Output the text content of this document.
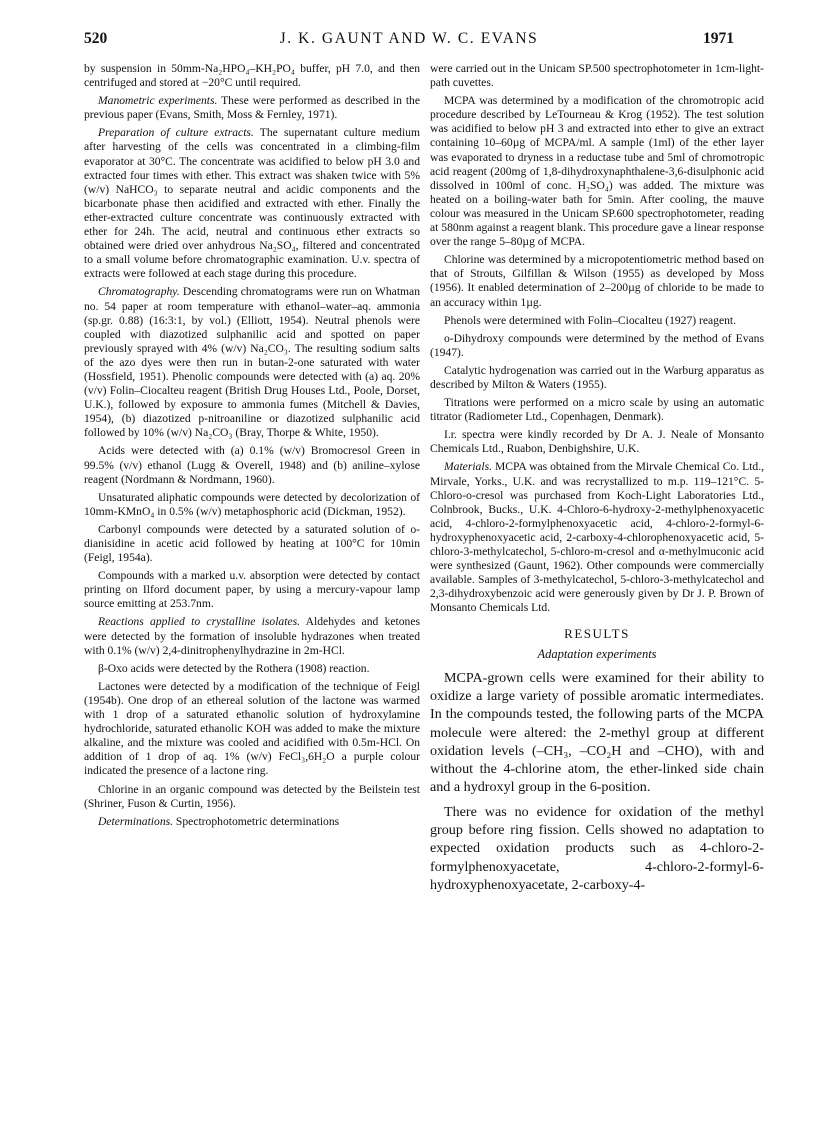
520	J. K. GAUNT AND W. C. EVANS	1971

by suspension in 50mm-Na₂HPO₄–KH₂PO₄ buffer, pH 7.0, and then centrifuged and stored at −20°C until required.

Manometric experiments. These were performed as described in the previous paper (Evans, Smith, Moss & Fernley, 1971).

Preparation of culture extracts. The supernatant culture medium after harvesting of the cells was concentrated in a climbing-film evaporator at 30°C. The concentrate was acidified to below pH 3.0 and extracted four times with ether. This extract was shaken twice with 5% (w/v) NaHCO₃ to separate neutral and acidic components and the bicarbonate phase then acidified and extracted with ether. Finally the ether-extracted culture concentrate was continuously extracted with ether for 24h. The acid, neutral and continuous ether extracts so obtained were dried over anhydrous Na₂SO₄, filtered and concentrated to a small volume before chromatographic examination. U.v. spectra of extracts were followed at each stage during this procedure.

Chromatography. Descending chromatograms were run on Whatman no. 54 paper at room temperature with ethanol–water–aq. ammonia (sp.gr. 0.88) (16:3:1, by vol.) (Elliott, 1954). Neutral phenols were coupled with diazotized sulphanilic acid and spotted on paper previously sprayed with 4% (w/v) Na₂CO₃. The resulting sodium salts of the azo dyes were then run in butan-2-one saturated with water (Hossfield, 1951). Phenolic compounds were detected with (a) aq. 20% (v/v) Folin–Ciocalteu reagent (British Drug Houses Ltd., Poole, Dorset, U.K.), followed by exposure to ammonia fumes (Mitchell & Davies, 1954), (b) diazotized p-nitroaniline or diazotized sulphanilic acid followed by 10% (w/v) Na₂CO₃ (Bray, Thorpe & White, 1950).

Acids were detected with (a) 0.1% (w/v) Bromocresol Green in 99.5% (v/v) ethanol (Lugg & Overell, 1948) and (b) aniline–xylose reagent (Nordmann & Nordmann, 1960).

Unsaturated aliphatic compounds were detected by decolorization of 10mm-KMnO₄ in 0.5% (w/v) metaphosphoric acid (Dickman, 1952).

Carbonyl compounds were detected by a saturated solution of o-dianisidine in acetic acid followed by heating at 100°C for 10min (Feigl, 1954a).

Compounds with a marked u.v. absorption were detected by contact printing on Ilford document paper, by using a mercury-vapour lamp source emitting at 253.7nm.

Reactions applied to crystalline isolates. Aldehydes and ketones were detected by the formation of insoluble hydrazones when treated with 0.1% (w/v) 2,4-dinitrophenylhydrazine in 2m-HCl.

β-Oxo acids were detected by the Rothera (1908) reaction.

Lactones were detected by a modification of the technique of Feigl (1954b). One drop of an ethereal solution of the lactone was warmed with 1 drop of a saturated ethanolic solution of hydroxylamine hydrochloride, saturated ethanolic KOH was added to make the mixture alkaline, and the mixture was cooled and acidified with 0.5m-HCl. On addition of 1 drop of aq. 1% (w/v) FeCl₃,6H₂O a purple colour indicated the presence of a lactone ring.

Chlorine in an organic compound was detected by the Beilstein test (Shriner, Fuson & Curtin, 1956).

Determinations. Spectrophotometric determinations

were carried out in the Unicam SP.500 spectrophotometer in 1cm-light-path cuvettes.

MCPA was determined by a modification of the chromotropic acid procedure described by LeTourneau & Krog (1952). The test solution was acidified to below pH 3 and extracted into ether to give an extract containing 10–60µg of MCPA/ml. A sample (1ml) of the ether layer was evaporated to dryness in a reductase tube and 5ml of chromotropic acid reagent (200mg of 1,8-dihydroxynaphthalene-3,6-disulphonic acid dissolved in 100ml of conc. H₂SO₄) was added. The mixture was heated on a boiling-water bath for 5min. After cooling, the mauve colour was measured in the Unicam SP.600 spectrophotometer, reading at 580nm against a reagent blank. This procedure gave a linear response over the range 5–80µg of MCPA.

Chlorine was determined by a micropotentiometric method based on that of Strouts, Gilfillan & Wilson (1955) as developed by Moss (1956). It enabled determination of 2–200µg of chloride to be made to an accuracy within 1µg.

Phenols were determined with Folin–Ciocalteu (1927) reagent.

o-Dihydroxy compounds were determined by the method of Evans (1947).

Catalytic hydrogenation was carried out in the Warburg apparatus as described by Milton & Waters (1955).

Titrations were performed on a micro scale by using an automatic titrator (Radiometer Ltd., Copenhagen, Denmark).

I.r. spectra were kindly recorded by Dr A. J. Neale of Monsanto Chemicals Ltd., Ruabon, Denbighshire, U.K.

Materials. MCPA was obtained from the Mirvale Chemical Co. Ltd., Mirvale, Yorks., U.K. and was recrystallized to m.p. 119–121°C. 5-Chloro-o-cresol was purchased from Koch-Light Laboratories Ltd., Colnbrook, Bucks., U.K. 4-Chloro-6-hydroxy-2-methylphenoxyacetic acid, 4-chloro-2-formylphenoxyacetic acid, 4-chloro-2-formyl-6-hydroxyphenoxyacetic acid, 2-carboxy-4-chlorophenoxyacetic acid, 5-chloro-3-methylcatechol, 5-chloro-m-cresol and α-methylmuconic acid were synthesized (Gaunt, 1962). Other compounds were commercially available. Samples of 3-methylcatechol, 5-chloro-3-methylcatechol and 2,3-dihydroxybenzoic acid were generously given by Dr J. P. Brown of Monsanto Chemicals Ltd.

RESULTS
Adaptation experiments

MCPA-grown cells were examined for their ability to oxidize a large variety of possible aromatic intermediates. In the compounds tested, the following parts of the MCPA molecule were altered: the 2-methyl group at different oxidation levels (–CH₃, –CO₂H and –CHO), with and without the 4-chlorine atom, the ether-linked side chain and a hydroxyl group in the 6-position.

There was no evidence for oxidation of the methyl group before ring fission. Cells showed no adaptation to expected oxidation products such as 4-chloro-2-formylphenoxyacetate, 4-chloro-2-formyl-6-hydroxyphenoxyacetate, 2-carboxy-4-
